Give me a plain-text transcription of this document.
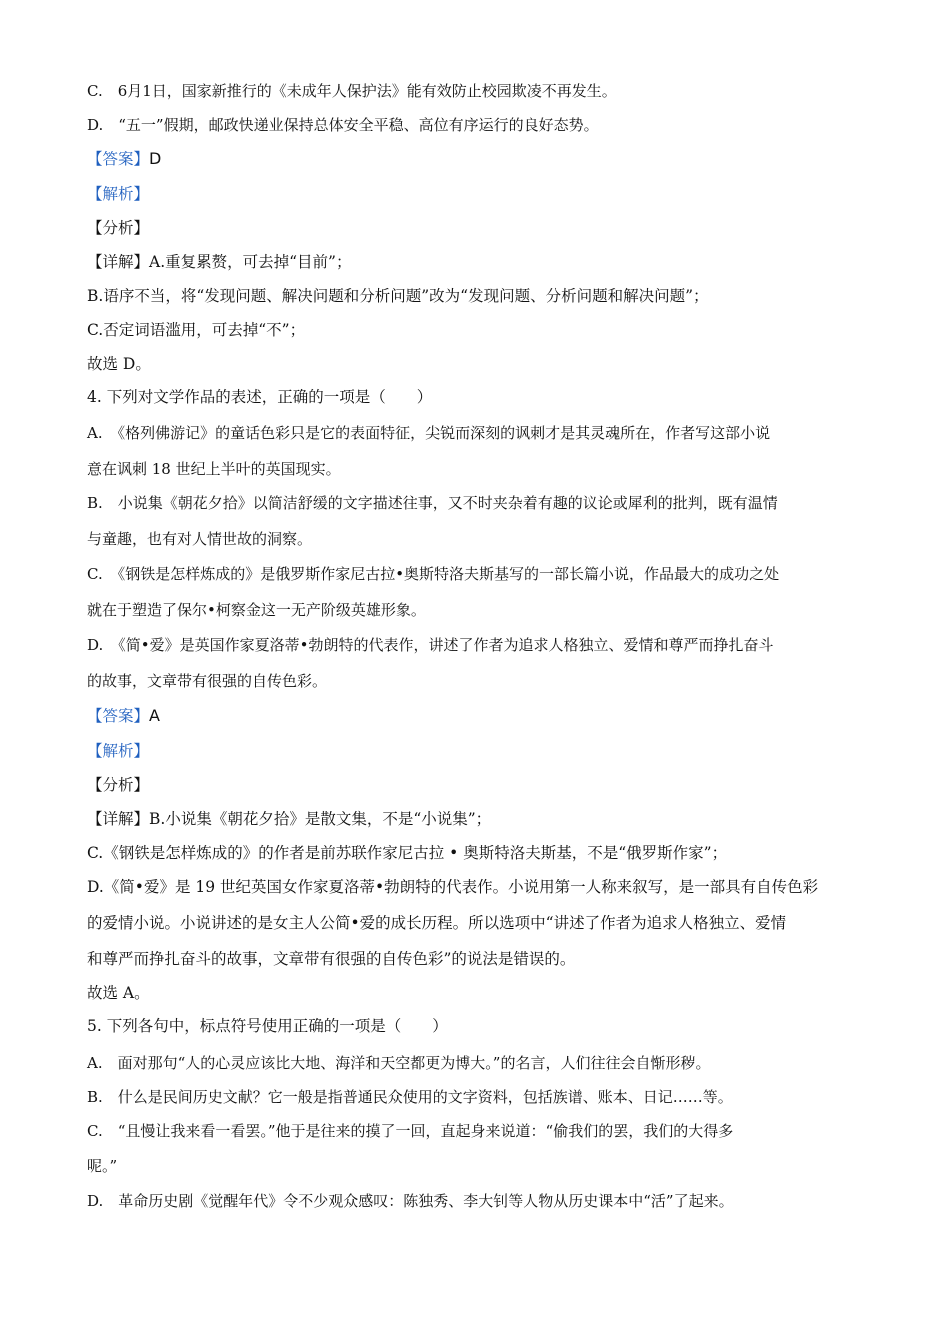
C.　6月1日，国家新推行的《未成年人保护法》能有效防止校园欺凌不再发生。
D.　“五一”假期，邮政快递业保持总体安全平稳、高位有序运行的良好态势。
【答案】D
【解析】
【分析】
【详解】A.重复累赘，可去掉“目前”；
B.语序不当，将“发现问题、解决问题和分析问题”改为“发现问题、分析问题和解决问题”；
C.否定词语滥用，可去掉“不”；
故选 D。
4. 下列对文学作品的表述，正确的一项是（　　）
A.　《格列佛游记》的童话色彩只是它的表面特征，尖锐而深刻的讽刺才是其灵魂所在，作者写这部小说
意在讽刺 18 世纪上半叶的英国现实。
B.　小说集《朝花夕拾》以简洁舒缓的文字描述往事，又不时夹杂着有趣的议论或犀利的批判，既有温情
与童趣，也有对人情世故的洞察。
C.　《钢铁是怎样炼成的》是俄罗斯作家尼古拉•奥斯特洛夫斯基写的一部长篇小说，作品最大的成功之处
就在于塑造了保尔•柯察金这一无产阶级英雄形象。
D.　《简•爱》是英国作家夏洛蒂•勃朗特的代表作，讲述了作者为追求人格独立、爱情和尊严而挣扎奋斗
的故事，文章带有很强的自传色彩。
【答案】A
【解析】
【分析】
【详解】B.小说集《朝花夕拾》是散文集，不是“小说集”；
C.《钢铁是怎样炼成的》的作者是前苏联作家尼古拉 • 奥斯特洛夫斯基，不是“俄罗斯作家”；
D.《简•爱》是 19 世纪英国女作家夏洛蒂•勃朗特的代表作。小说用第一人称来叙写，是一部具有自传色彩
的爱情小说。小说讲述的是女主人公简•爱的成长历程。所以选项中“讲述了作者为追求人格独立、爱情
和尊严而挣扎奋斗的故事，文章带有很强的自传色彩”的说法是错误的。
故选 A。
5. 下列各句中，标点符号使用正确的一项是（　　）
A.　面对那句“人的心灵应该比大地、海洋和天空都更为博大。”的名言，人们往往会自惭形秽。
B.　什么是民间历史文献？它一般是指普通民众使用的文字资料，包括族谱、账本、日记……等。
C.　“且慢让我来看一看罢。”他于是往来的摸了一回，直起身来说道：“偷我们的罢，我们的大得多
呢。”
D.　革命历史剧《觉醒年代》令不少观众感叹：陈独秀、李大钊等人物从历史课本中“活”了起来。
